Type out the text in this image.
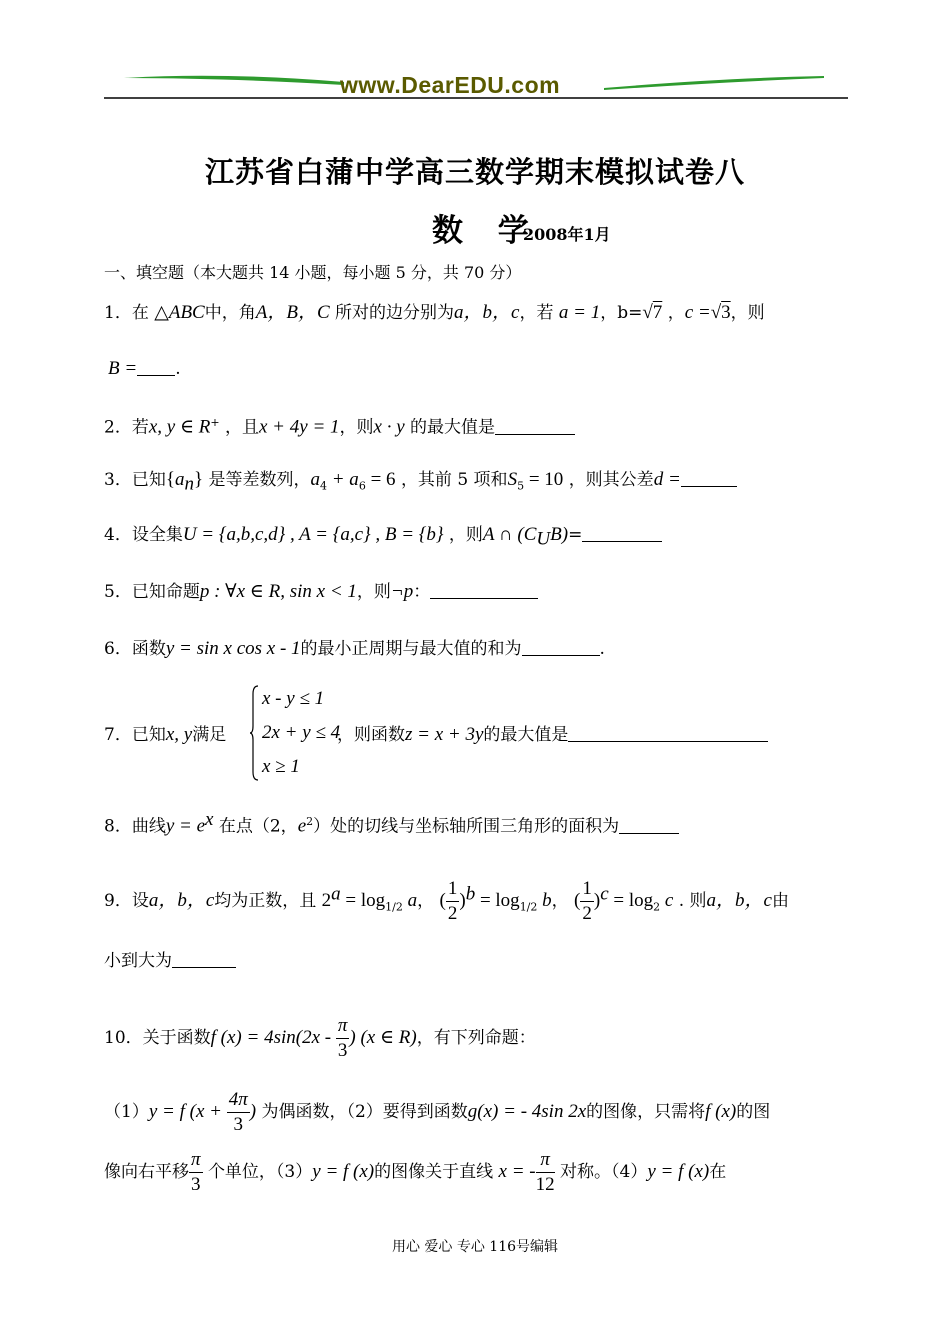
www.DearEDU.com
江苏省白蒲中学高三数学期末模拟试卷八
数 学
2008年1月
一、填空题（本大题共 14 小题，每小题 5 分，共 70 分）
1．在 △ABC中，角A，B，C 所对的边分别为a，b，c，若 a = 1，b=√7 ，c =√3，则
B = .
2．若x, y ∈ R+ ，且x + 4y = 1，则x · y 的最大值是
3．已知$\{a_n\}$ 是等差数列，$a_4 + a_6 = 6$ ，其前 5 项和$S_5 = 10$ ，则其公差d =
4．设全集U = {a,b,c,d} , A = {a,c} , B = {b} ，则A ∩ $(C_UB)=$
5．已知命题p : ∀x ∈ R, sin x < 1，则¬p：
6．函数y = sin x cos x - 1的最小正周期与最大值的和为	.
7．已知x, y满足	，则函数z = x + 3y的最大值是
x - y ≤ 1
2x + y ≤ 4
x ≥ 1
8．曲线$y = e^x$ 在点（2，$e^2$）处的切线与坐标轴所围三角形的面积为
9．设a，b，c均为正数，且 $2^a = \log_{1/2} a$， ( $\frac{1}{2} )^b = \log_{1/2} b$， ( $\frac{1}{2} )^c = \log_2 c$ . 则a，b，c由
小到大为
10．关于函数f $(x) = 4\sin(2x - \frac{\pi}{3}$ ) (x ∈ R)，有下列命题：
（1）y = f ($x + \frac{4\pi}{3}$ ) 为偶函数，（2）要得到函数g(x) = - 4sin 2x的图像，只需将f (x)的图
像向右平移 $\frac{\pi}{3}$ 个单位，（3）y = f (x)的图像关于直线 x = - $\frac{\pi}{12}$ 对称。（4）y = f (x)在
用心 爱心 专心 116号编辑
